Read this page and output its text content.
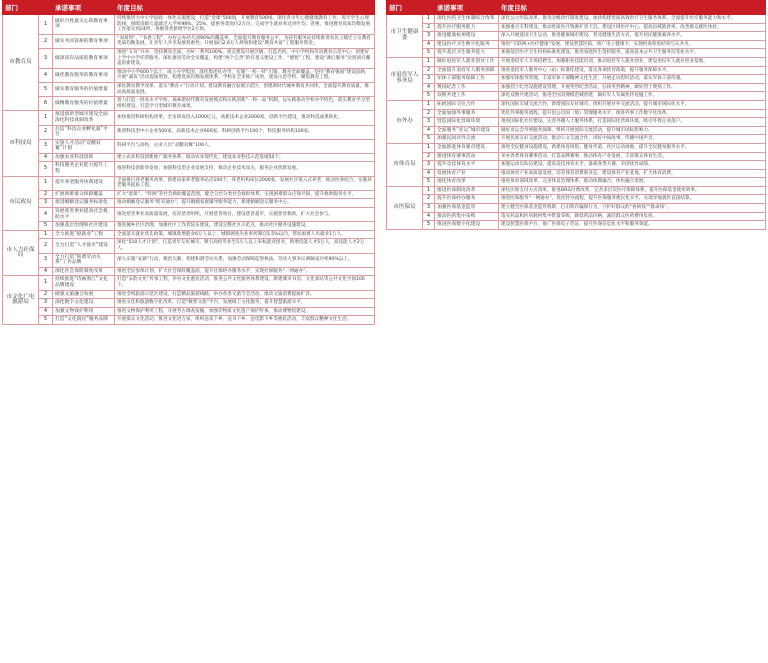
部门		承诺事项	年度目标
市教育局	1	做好百姓最关心的教育事项	持续推进大中小学思政一体化实施建设，打造“金课”500项，开展教育500场。深化青少年心理健康教育工作，筑牢学生心理防线，保障适龄儿童就近入学率98%、25%，提供各类岗位2万位，完成学生就业率达到平均、普惠，推进教育优质均衡发展工作落实到24所，各级各类新增学位2万场。
	2	做实共同富裕的教育事项	“而易得”、“书香工程”，办好公办幼儿园90%的覆盖率，全面提升教育服务公平，为持有服务证持续推进农民工随迁子女教育优质均衡发展，让青年人共享发展普惠性；开展面向2.6万人规划和建设“教育共富”工程服务资金。
	3	做深富有品质的教育事项	推进“五育”并举，坚持教育全面，办好一系列100%，重点建设开展区级，打造名校、中小学校和劳动教育示范中心；创建好上学中小学托管服务，深化推进劳动全员覆盖，构建“两个完善”的有意义建设工作，“德智”工程，建设“课后服务”达到项目覆盖的新建设。
	4	做优教育服务的教育事项	推动中小学600个以上，成立办学集团，深化集团化办学，实施“一校一特”引领，教育全面覆盖。坚持“教育强国”建设思路，开展“减负”活动提质增效，构建优质均衡发展体系，学校在全市推广成果，建设示范学校，聚焦教育工程。
	5	做实教育服务的价值增量	深化教育教学改革，落实“教育+”行动计划，建设教育融合发展示范区，创建新时代城乡教育共同体，全面提升教育质量，推动高质量发展。
	6	做精教育服务的价值增量	着力打造一批高水平学校，探索新时代教育发展模式和实践创新“一校一品”机制，以实践推动学校办学特色，落实教育学习型组织建设，打造学习型城市教育成果。
市科技局	1	推进创新型城市建设全面深化科技体制改革	加快推进科研机构改革，全市研发投入1000亿元，高新技术企业2000家，创新平台建设，推动科技成果转化。
	2	打造“科技企业孵化器”平台	新增科技型中小企业500家，高新技术企业600家，科研创新平台100个，科技服务机构100家。
	3	实施人才活动“双鹏双翼”计划	科研平台与高校，企业人员“双鹏双翼”100人。
	4	加强农业科技创新	建立农业科技创新推广服务体系，推动农业现代化，建设农业科技示范基地50个。
	5	科技服务企业能力提升工程	推进科技创新券发放，加强科技型企业发展支持，推动企业技术攻关，服务企业创新发展。
市民政局	1	提升养老服务体系建设	全面推行养老服务改革，新建居家养老服务站点100个，养老机构床位2000张，发展社区嵌入式养老，推动医养结合，实施养老服务提质工程。
	2	扩展困难群众保障覆盖	扩大“低保”、“特困”等社会救助覆盖范围，健全分层分类社会救助体系，实现困难群众应保尽保，提升救助服务水平。
	3	推进婚姻登记服务标准化	推动婚姻登记服务“跨省通办”，提升婚姻家庭辅导服务能力，新建婚姻登记服务中心。
	4	发展慈善事业提高社会救助水平	推进慈善事业高质量发展，培育慈善组织，开展慈善项目，建设慈善超市，实施慈善救助，扩大社会参与。
	5	加强基层治理和社区建设	推进城乡社区治理，加强社区工作者队伍建设，建设完整社区示范点，推动社区服务设施建设。
市人力社保局	1	全力推进“稳就业”工程	全面落实就业优先政策，城镇新增就业6万人以上，城镇调查失业率控制在5.5%以内，帮扶困难人员就业1万人。
	2	全力打造“人才强市”建设	深化“510人才计划”，打造青年友好城市，吸引高校毕业生5万人以上来杭就业创业，新增技能人才5万人，高技能人才2万人。
	3	全力打造“和谐劳动关系”工作品牌	深入实施“安薪”行动，根治欠薪，构建和谐劳动关系，加强劳动保障监察执法，劳动人事争议调解成功率90%以上。
	4	深化社会保险制度改革	推进全民参保计划，扩大社会保险覆盖面，提升社保经办服务水平，实现社保服务“一网通办”。
市文化广电旅游局	1	持续推进“诗画浙江”文化品牌建设	打造“宋韵文化”传承工程，举办文化惠民活动，推进公共文化服务体系建设，新建城市书房、文化驿站等公共文化空间100个。
	2	做强文旅融合发展	推进全域旅游示范区建设，打造精品旅游线路，举办各类文旅节会活动，推动文旅消费提质扩容。
	3	深化数字文化建设	推进文化和旅游数字化改革，打造“数智文旅”平台，发展线上文化服务，提升智慧旅游水平。
	4	加强文物保护利用	推进文物保护利用工程，开展考古调查发掘，加强非物质文化遗产保护传承，推动博物馆建设。
	5	打造“文化润民”服务品牌	开展群众文化活动，推进文化进万家，组织送戏下乡、送书下乡、送电影下乡等惠民活动，丰富群众精神文化生活。
部门		承诺事项	年度目标
市卫生健康委	1	深化医药卫生体制综合改革	深化公立医院改革，推进分级诊疗制度建设，加快构建优质高效医疗卫生服务体系，全面提升医疗服务能力和水平。
	2	提升医疗服务能力	加强重点专科建设，推动优质医疗资源扩容下沉，建设区域医疗中心，提高县域就诊率，改善群众就医体验。
	3	推进健康杭州建设	深入开展爱国卫生运动，推进健康城市建设，普及健康生活方式，提升居民健康素养水平。
	4	建设医疗卫生数字化服务	推进“互联网+医疗健康”发展，建设智慧医院，推广电子健康卡，实现检查检验结果互认共享。
	5	提升基层卫生服务能力	加强基层医疗卫生机构标准化建设，推进家庭医生签约服务，提高基本公共卫生服务均等化水平。
市退役军人事务局	1	做好退役军人就业创业工作	开展退役军人专场招聘会，加强职业技能培训，推动退役军人就业创业，建设退役军人就业创业基地。
	2	全面提升退役军人服务保障	推进退役军人服务中心（站）标准化建设，落实各项优待政策，提升服务保障水平。
	3	军休干部服务保障工作	加强军休服务管理，丰富军休干部精神文化生活，开展走访慰问活动，落实军休干部待遇。
	4	褒扬纪念工作	加强烈士纪念设施建设管理，开展英烈纪念活动，弘扬英烈精神，做好烈士褒扬工作。
	5	双拥共建工作	深化双拥共建活动，推进全国双拥模范城创建，做好军人军属优待抚恤工作。
市外办	1	拓展国际交往合作	深化国际友城交流合作，新增国际友好城市，组织开展对外交流活动，提升城市国际化水平。
	2	全面加强外事服务	优化外事服务流程，提升因公出国（境）管理服务水平，推进外事工作数字化改革。
	3	营造国际化营商环境	推进国际化社区建设，完善外籍人士服务体系，打造国际化营商环境，吸引外资企业落户。
	4	全面服务“亚运”城市建设	做好亚运会外事服务保障，组织开展国际交流活动，提升城市国际影响力。
	5	加强民间对外交流	开展民间友好交流活动，推动人文交流合作，讲好中国故事，传播中国声音。
市体育局	1	全面推进体育强市建设	推进全民健身设施建设，新建体育场馆、健身步道、社区运动场地，提升全民健身服务水平。
	2	推进体育赛事活动	举办各类体育赛事活动，打造品牌赛事，推动体育产业发展，丰富群众体育生活。
	3	提升竞技体育水平	加强运动员队伍建设，提高竞技体育水平，备战各类大赛，争创优异成绩。
	4	发展体育产业	推动体育产业高质量发展，培育体育消费新业态，建设体育产业基地，扩大体育消费。
	5	深化体育改革	推进体育领域改革，完善体育治理体系，推动体教融合、体医融合发展。
市医保局	1	推进医保制度改革	深化医保支付方式改革，推进DRG付费改革，完善多层次医疗保障体系，提升医保基金使用效率。
	2	提升医保经办服务	推进医保服务“一网通办”，优化经办流程，提升医保服务便民化水平，实现异地就医直接结算。
	3	加强医保基金监管	建立健全医保基金监管机制，打击欺诈骗保行为，守护好群众的“看病钱”“救命钱”。
	4	推动医药集中采购	落实药品和医用耗材集中带量采购，降低药品价格，减轻群众医药费用负担。
	5	推进医保数字化建设	建设智慧医保平台，推广医保电子凭证，提升医保信息化水平和服务效能。
